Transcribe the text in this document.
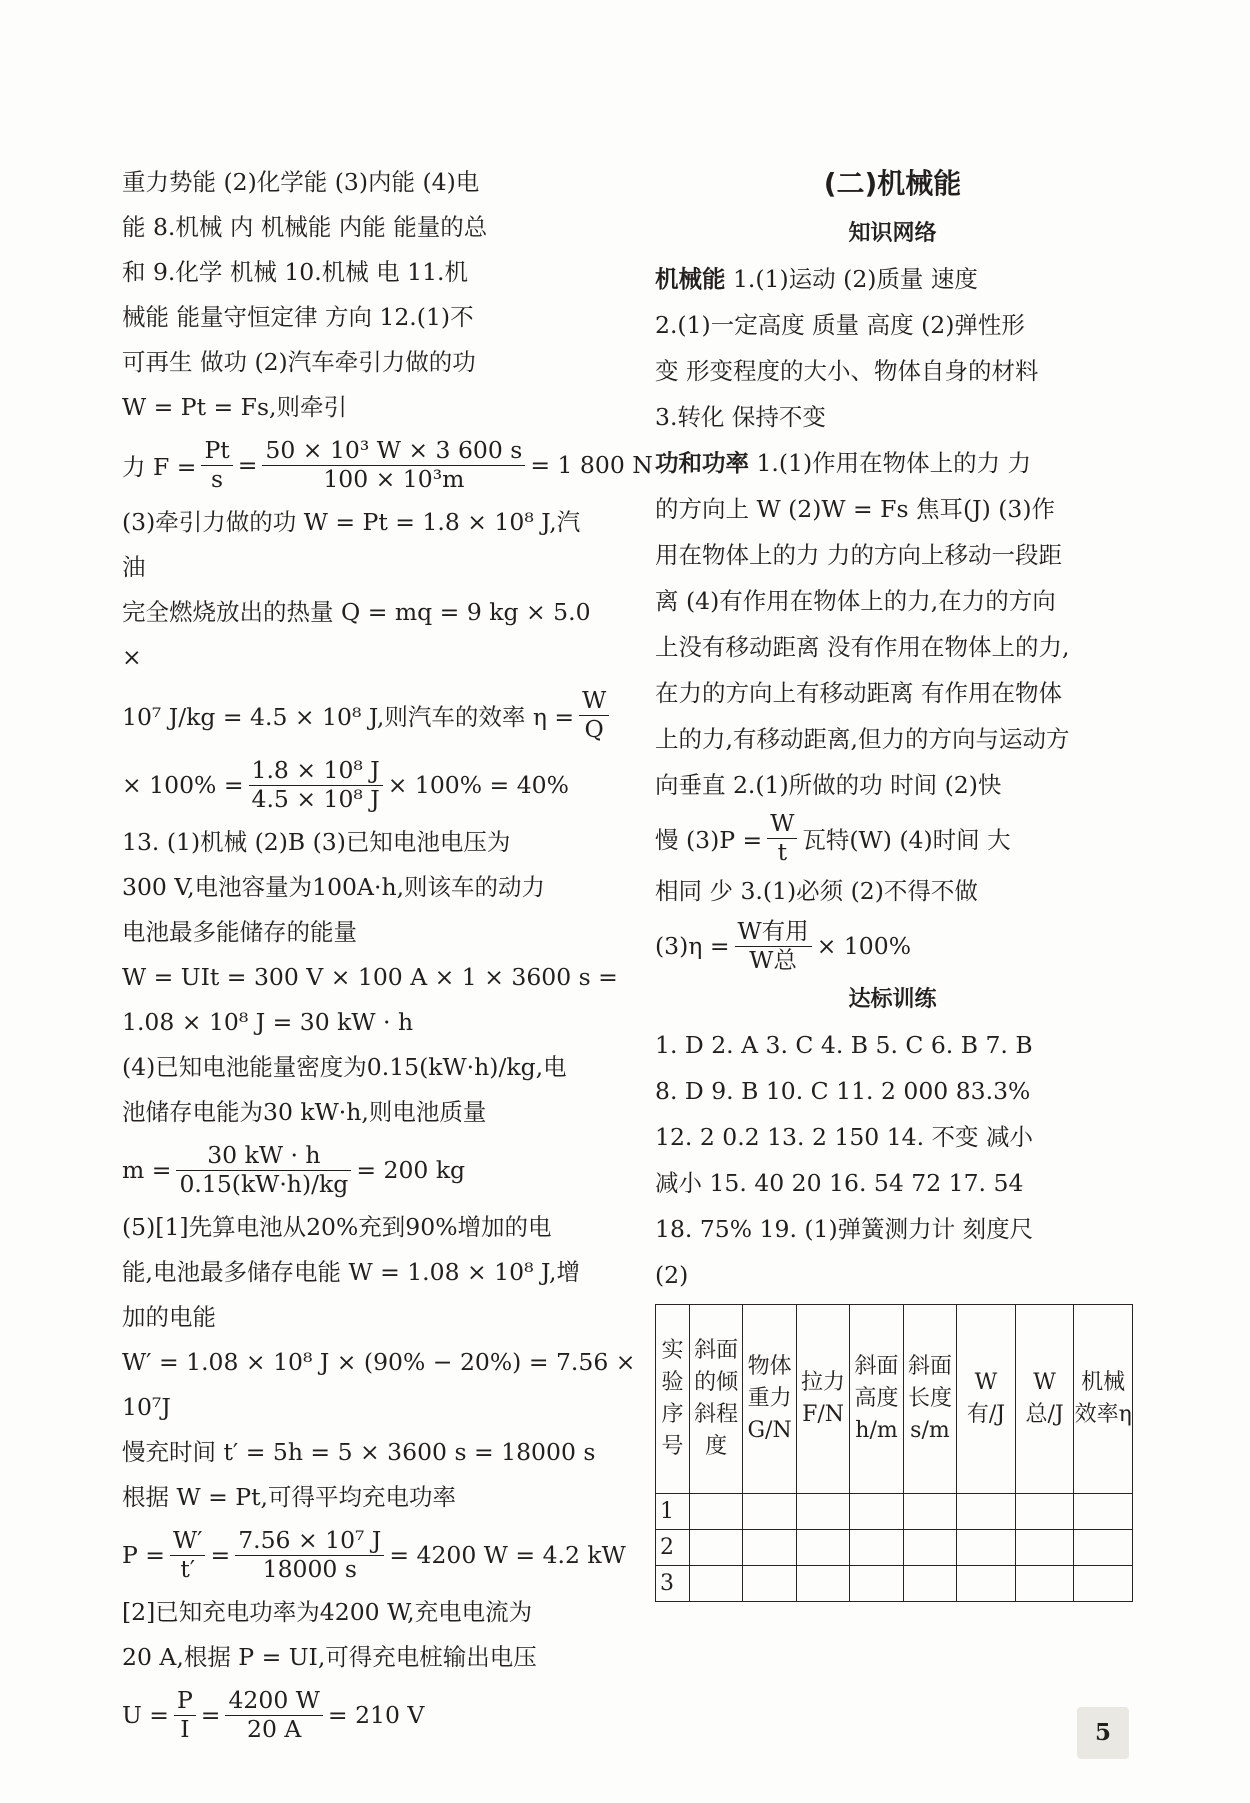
重力势能 (2)化学能 (3)内能 (4)电

能 8.机械 内 机械能 内能 能量的总

和 9.化学 机械 10.机械 电 11.机

械能 能量守恒定律 方向 12.(1)不

可再生 做功 (2)汽车牵引力做的功

W = Pt = Fs,则牵引

力 $F = \frac{Pt}{s} = \frac{\text{50 × 10³ W × 3 600 s}}{\text{100 × 10³m}} = 1$ 800 N

(3)牵引力做的功 W = Pt = 1.8 × 10⁸ J,汽油

完全燃烧放出的热量 Q = mq = 9 kg × 5.0 ×

10⁷ J/kg = 4.5 × 10⁸ J,则汽车的效率 $\eta = \frac{W}{Q}$
× $100\% = \frac{\text{1.8 × 10⁸ J}}{\text{4.5 × 10⁸ J}} \times 100\% = 40\%$

13. (1)机械 (2)B (3)已知电池电压为

300 V,电池容量为100A·h,则该车的动力

电池最多能储存的能量

W = UIt = 300 V × 100 A × 1 × 3600 s =

1.08 × 10⁸ J = 30 kW · h

(4)已知电池能量密度为0.15(kW·h)/kg,电

池储存电能为30 kW·h,则电池质量

$m = \frac{30 kW \cdot h}{0.15(kW\cdot h)/kg} = 200$ kg

(5)[1]先算电池从20%充到90%增加的电

能,电池最多储存电能 W = 1.08 × 10⁸ J,增

加的电能

W′ = 1.08 × 10⁸ J × (90% − 20%) = 7.56 ×

10⁷J

慢充时间 t′ = 5h = 5 × 3600 s = 18000 s

根据 W = Pt,可得平均充电功率

$P = \frac{W'}{t'} = \frac{\text{7.56 × 10⁷ J}}{18000 s} = 4200$ W = 4.2 kW

[2]已知充电功率为4200 W,充电电流为

20 A,根据 P = UI,可得充电桩输出电压

$U = \frac{P}{I} = \frac{4200 W}{20 A} = 210$ V

(二)机械能

知识网络

机械能 1.(1)运动 (2)质量 速度

2.(1)一定高度 质量 高度 (2)弹性形

变 形变程度的大小、物体自身的材料

3.转化 保持不变

功和功率 1.(1)作用在物体上的力 力

的方向上 W (2)W = Fs 焦耳(J) (3)作

用在物体上的力 力的方向上移动一段距

离 (4)有作用在物体上的力,在力的方向

上没有移动距离 没有作用在物体上的力,

在力的方向上有移动距离 有作用在物体

上的力,有移动距离,但力的方向与运动方

向垂直 2.(1)所做的功 时间 (2)快

慢 $(3)P = \frac{W}{t}$ 瓦特(W) (4)时间 大

相同 少 3.(1)必须 (2)不得不做

$(3)\eta = \frac{\text{W有用}}{\text{W总}} \times 100\%$

达标训练

1. D 2. A 3. C 4. B 5. C 6. B 7. B

8. D 9. B 10. C 11. 2 000 83.3%

12. 2 0.2 13. 2 150 14. 不变 减小

减小 15. 40 20 16. 54 72 17. 54

18. 75% 19. (1)弹簧测力计 刻度尺

(2)

实验序号	斜面的倾斜程度	物体重力G/N	拉力F/N	斜面高度h/m	斜面长度s/m	W有/J	W总/J	机械效率η
1								
2								
3								
5
